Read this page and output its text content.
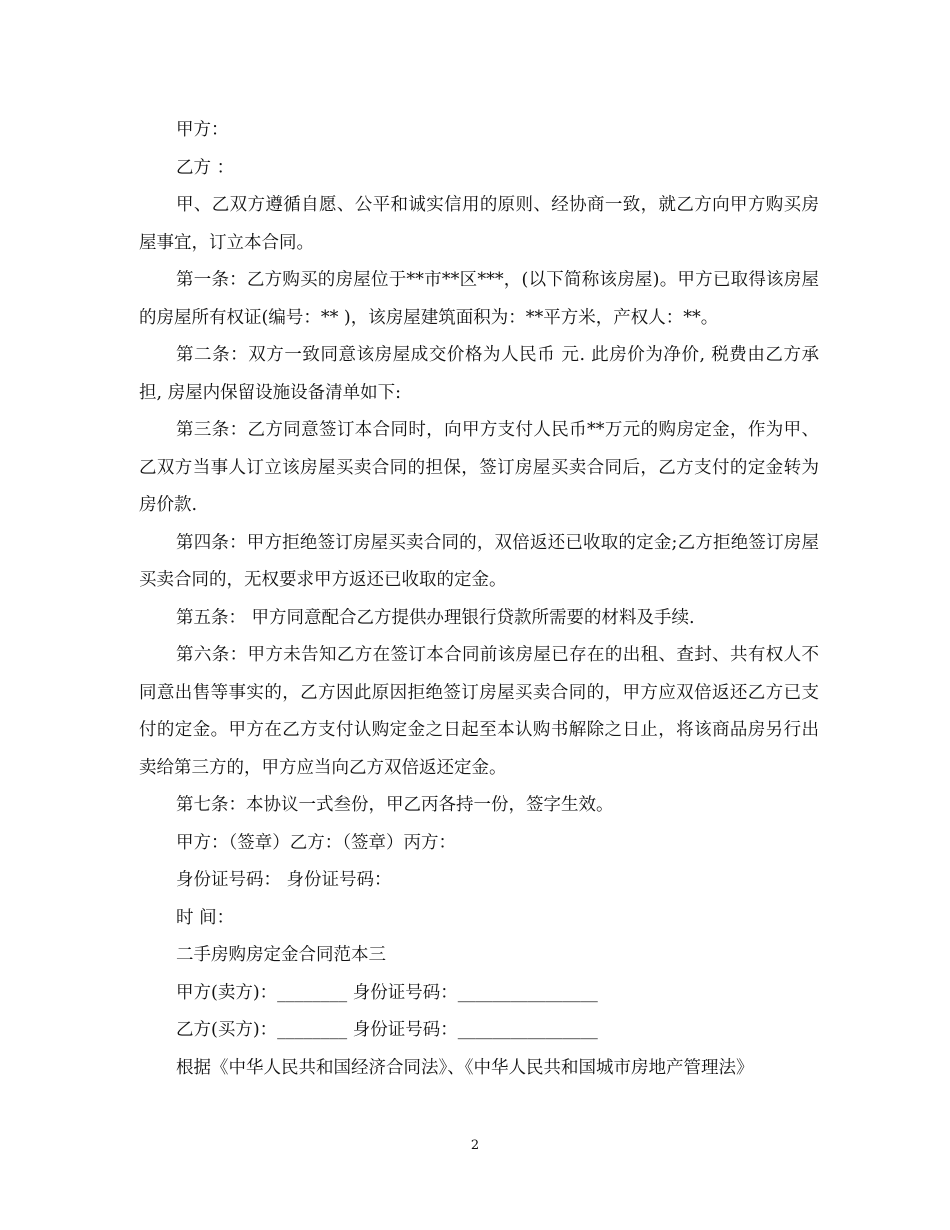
甲方：

乙方 ：

甲、乙双方遵循自愿、公平和诚实信用的原则、经协商一致，就乙方向甲方购买房屋事宜，订立本合同。

第一条：乙方购买的房屋位于**市**区***，(以下简称该房屋)。甲方已取得该房屋的房屋所有权证(编号：** )，该房屋建筑面积为：**平方米，产权人：**。

第二条：双方一致同意该房屋成交价格为人民币 元. 此房价为净价, 税费由乙方承担, 房屋内保留设施设备清单如下:

第三条：乙方同意签订本合同时，向甲方支付人民币**万元的购房定金，作为甲、乙双方当事人订立该房屋买卖合同的担保，签订房屋买卖合同后，乙方支付的定金转为房价款.

第四条：甲方拒绝签订房屋买卖合同的，双倍返还已收取的定金;乙方拒绝签订房屋买卖合同的，无权要求甲方返还已收取的定金。

第五条： 甲方同意配合乙方提供办理银行贷款所需要的材料及手续.

第六条：甲方未告知乙方在签订本合同前该房屋已存在的出租、查封、共有权人不同意出售等事实的，乙方因此原因拒绝签订房屋买卖合同的，甲方应双倍返还乙方已支付的定金。甲方在乙方支付认购定金之日起至本认购书解除之日止，将该商品房另行出卖给第三方的，甲方应当向乙方双倍返还定金。

第七条：本协议一式叁份，甲乙丙各持一份，签字生效。

甲方：（签章）乙方：（签章）丙方：

身份证号码： 身份证号码：

时 间：

二手房购房定金合同范本三

甲方(卖方)：________ 身份证号码：________________

乙方(买方)：________ 身份证号码：________________

根据《中华人民共和国经济合同法》、《中华人民共和国城市房地产管理法》

2
